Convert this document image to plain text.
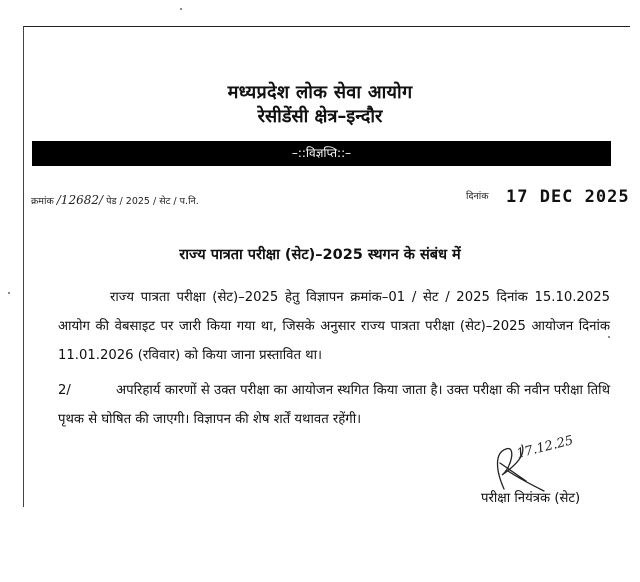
मध्यप्रदेश लोक सेवा आयोग
रेसीडेंसी क्षेत्र–इन्दौर
–::विज्ञप्ति::–
क्रमांक /12682/ पेड / 2025 / सेट / प.नि.	दिनांक 17 DEC 2025
राज्य पात्रता परीक्षा (सेट)–2025 स्थगन के संबंध में
राज्य पात्रता परीक्षा (सेट)–2025 हेतु विज्ञापन क्रमांक–01 / सेट / 2025 दिनांक 15.10.2025 आयोग की वेबसाइट पर जारी किया गया था, जिसके अनुसार राज्य पात्रता परीक्षा (सेट)–2025 आयोजन दिनांक 11.01.2026 (रविवार) को किया जाना प्रस्तावित था।
2/	अपरिहार्य कारणों से उक्त परीक्षा का आयोजन स्थगित किया जाता है। उक्त परीक्षा की नवीन परीक्षा तिथि पृथक से घोषित की जाएगी। विज्ञापन की शेष शर्तें यथावत रहेंगी।
17.12.25
परीक्षा नियंत्रक (सेट)
